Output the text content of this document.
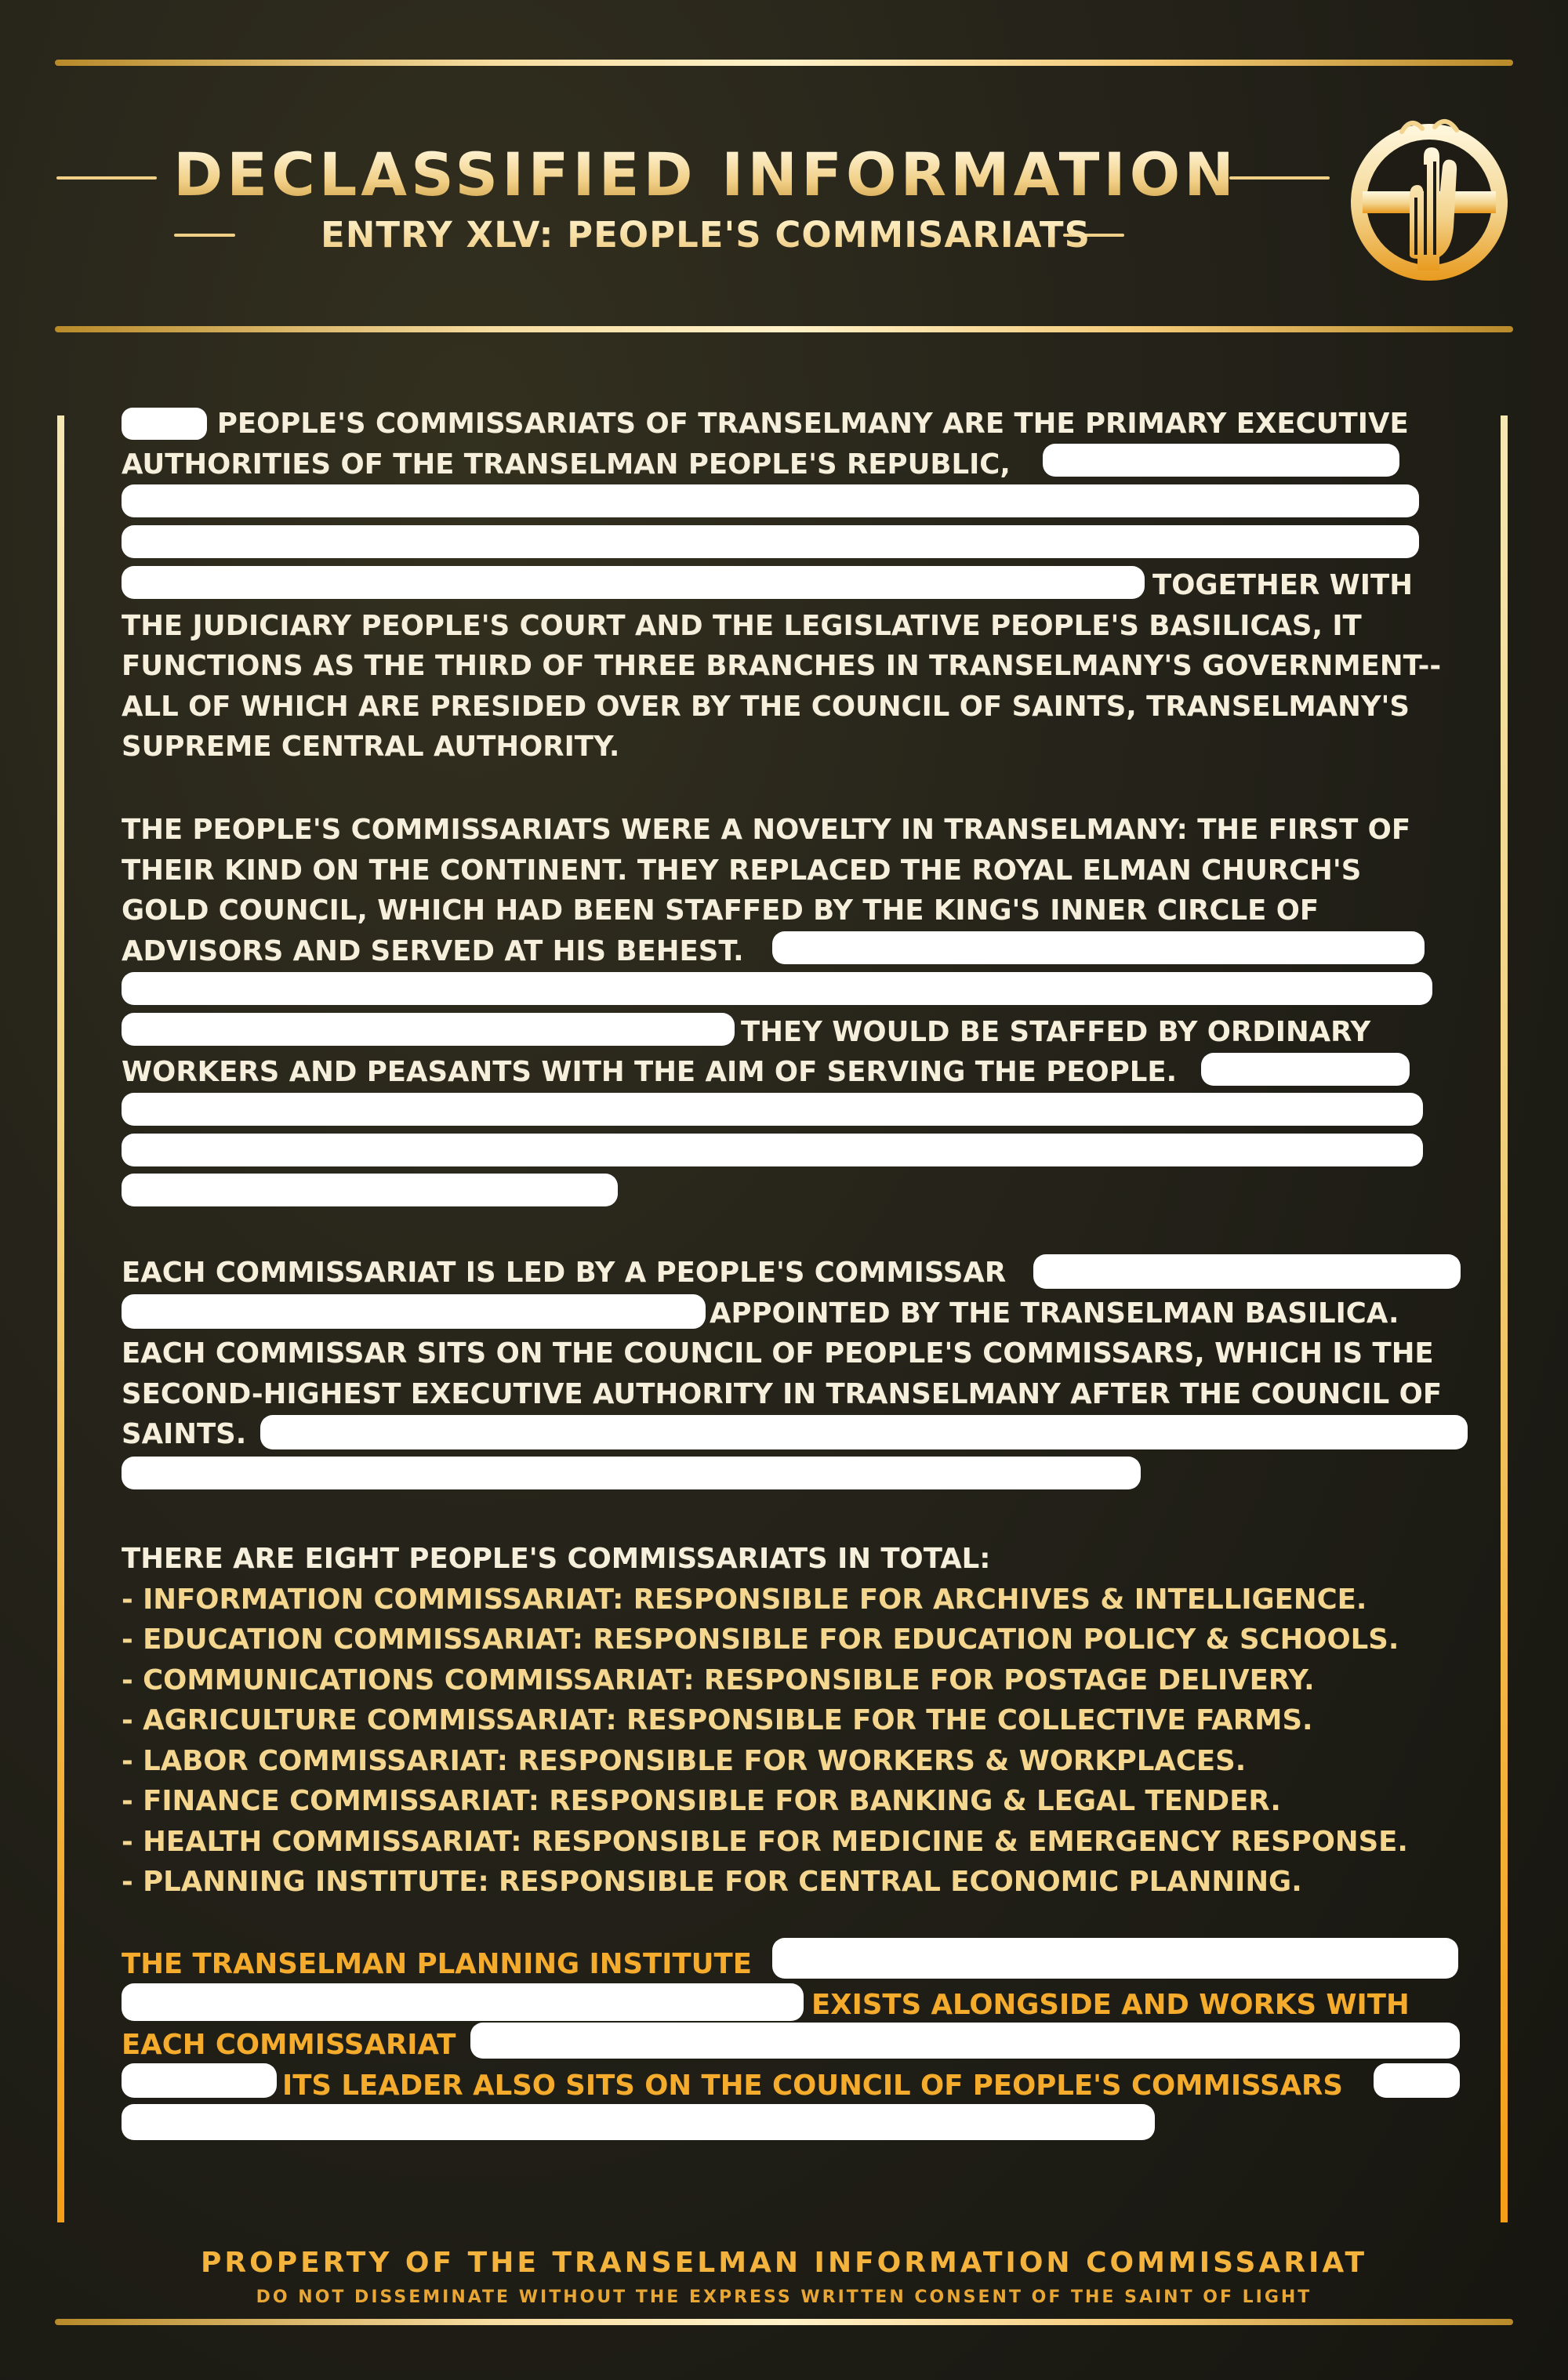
DECLASSIFIED INFORMATION
ENTRY XLV: PEOPLE'S COMMISARIATS
PEOPLE'S COMMISSARIATS OF TRANSELMANY ARE THE PRIMARY EXECUTIVE
AUTHORITIES OF THE TRANSELMAN PEOPLE'S REPUBLIC,

TOGETHER WITH
THE JUDICIARY PEOPLE'S COURT AND THE LEGISLATIVE PEOPLE'S BASILICAS, IT
FUNCTIONS AS THE THIRD OF THREE BRANCHES IN TRANSELMANY'S GOVERNMENT--
ALL OF WHICH ARE PRESIDED OVER BY THE COUNCIL OF SAINTS, TRANSELMANY'S
SUPREME CENTRAL AUTHORITY.
THE PEOPLE'S COMMISSARIATS WERE A NOVELTY IN TRANSELMANY: THE FIRST OF
THEIR KIND ON THE CONTINENT. THEY REPLACED THE ROYAL ELMAN CHURCH'S
GOLD COUNCIL, WHICH HAD BEEN STAFFED BY THE KING'S INNER CIRCLE OF
ADVISORS AND SERVED AT HIS BEHEST.

THEY WOULD BE STAFFED BY ORDINARY
WORKERS AND PEASANTS WITH THE AIM OF SERVING THE PEOPLE.
EACH COMMISSARIAT IS LED BY A PEOPLE'S COMMISSAR
APPOINTED BY THE TRANSELMAN BASILICA.
EACH COMMISSAR SITS ON THE COUNCIL OF PEOPLE'S COMMISSARS, WHICH IS THE
SECOND-HIGHEST EXECUTIVE AUTHORITY IN TRANSELMANY AFTER THE COUNCIL OF
SAINTS.
THERE ARE EIGHT PEOPLE'S COMMISSARIATS IN TOTAL:
- INFORMATION COMMISSARIAT: RESPONSIBLE FOR ARCHIVES & INTELLIGENCE.
- EDUCATION COMMISSARIAT: RESPONSIBLE FOR EDUCATION POLICY & SCHOOLS.
- COMMUNICATIONS COMMISSARIAT: RESPONSIBLE FOR POSTAGE DELIVERY.
- AGRICULTURE COMMISSARIAT: RESPONSIBLE FOR THE COLLECTIVE FARMS.
- LABOR COMMISSARIAT: RESPONSIBLE FOR WORKERS & WORKPLACES.
- FINANCE COMMISSARIAT: RESPONSIBLE FOR BANKING & LEGAL TENDER.
- HEALTH COMMISSARIAT: RESPONSIBLE FOR MEDICINE & EMERGENCY RESPONSE.
- PLANNING INSTITUTE: RESPONSIBLE FOR CENTRAL ECONOMIC PLANNING.
THE TRANSELMAN PLANNING INSTITUTE
EXISTS ALONGSIDE AND WORKS WITH
EACH COMMISSARIAT
ITS LEADER ALSO SITS ON THE COUNCIL OF PEOPLE'S COMMISSARS
PROPERTY OF THE TRANSELMAN INFORMATION COMMISSARIAT
DO NOT DISSEMINATE WITHOUT THE EXPRESS WRITTEN CONSENT OF THE SAINT OF LIGHT
